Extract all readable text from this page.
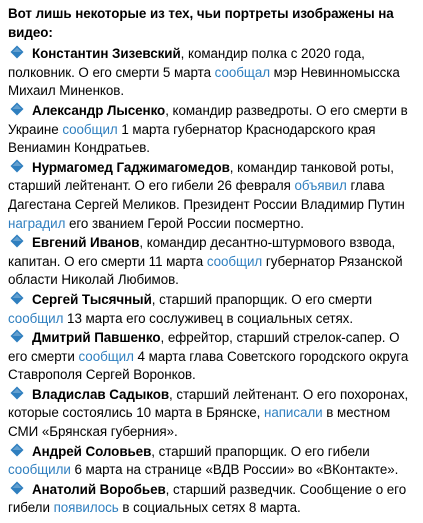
Вот лишь некоторые из тех, чьи портреты изображены на видео:
Константин Зизевский, командир полка с 2020 года, полковник. О его смерти 5 марта сообщал мэр Невинномысска Михаил Миненков.
Александр Лысенко, командир разведроты. О его смерти в Украине сообщил 1 марта губернатор Краснодарского края Вениамин Кондратьев.
Нурмагомед Гаджимагомедов, командир танковой роты, старший лейтенант. О его гибели 26 февраля объявил глава Дагестана Сергей Меликов. Президент России Владимир Путин наградил его званием Герой России посмертно.
Евгений Иванов, командир десантно-штурмового взвода, капитан. О его смерти 11 марта сообщил губернатор Рязанской области Николай Любимов.
Сергей Тысячный, старший прапорщик. О его смерти сообщил 13 марта его сослуживец в социальных сетях.
Дмитрий Павшенко, ефрейтор, старший стрелок-сапер. О его смерти сообщил 4 марта глава Советского городского округа Ставрополя Сергей Воронков.
Владислав Садыков, старший лейтенант. О его похоронах, которые состоялись 10 марта в Брянске, написали в местном СМИ «Брянская губерния».
Андрей Соловьев, старший прапорщик. О его гибели сообщили 6 марта на странице «ВДВ России» во «ВКонтакте».
Анатолий Воробьев, старший разведчик. Сообщение о его гибели появилось в социальных сетях 8 марта.
